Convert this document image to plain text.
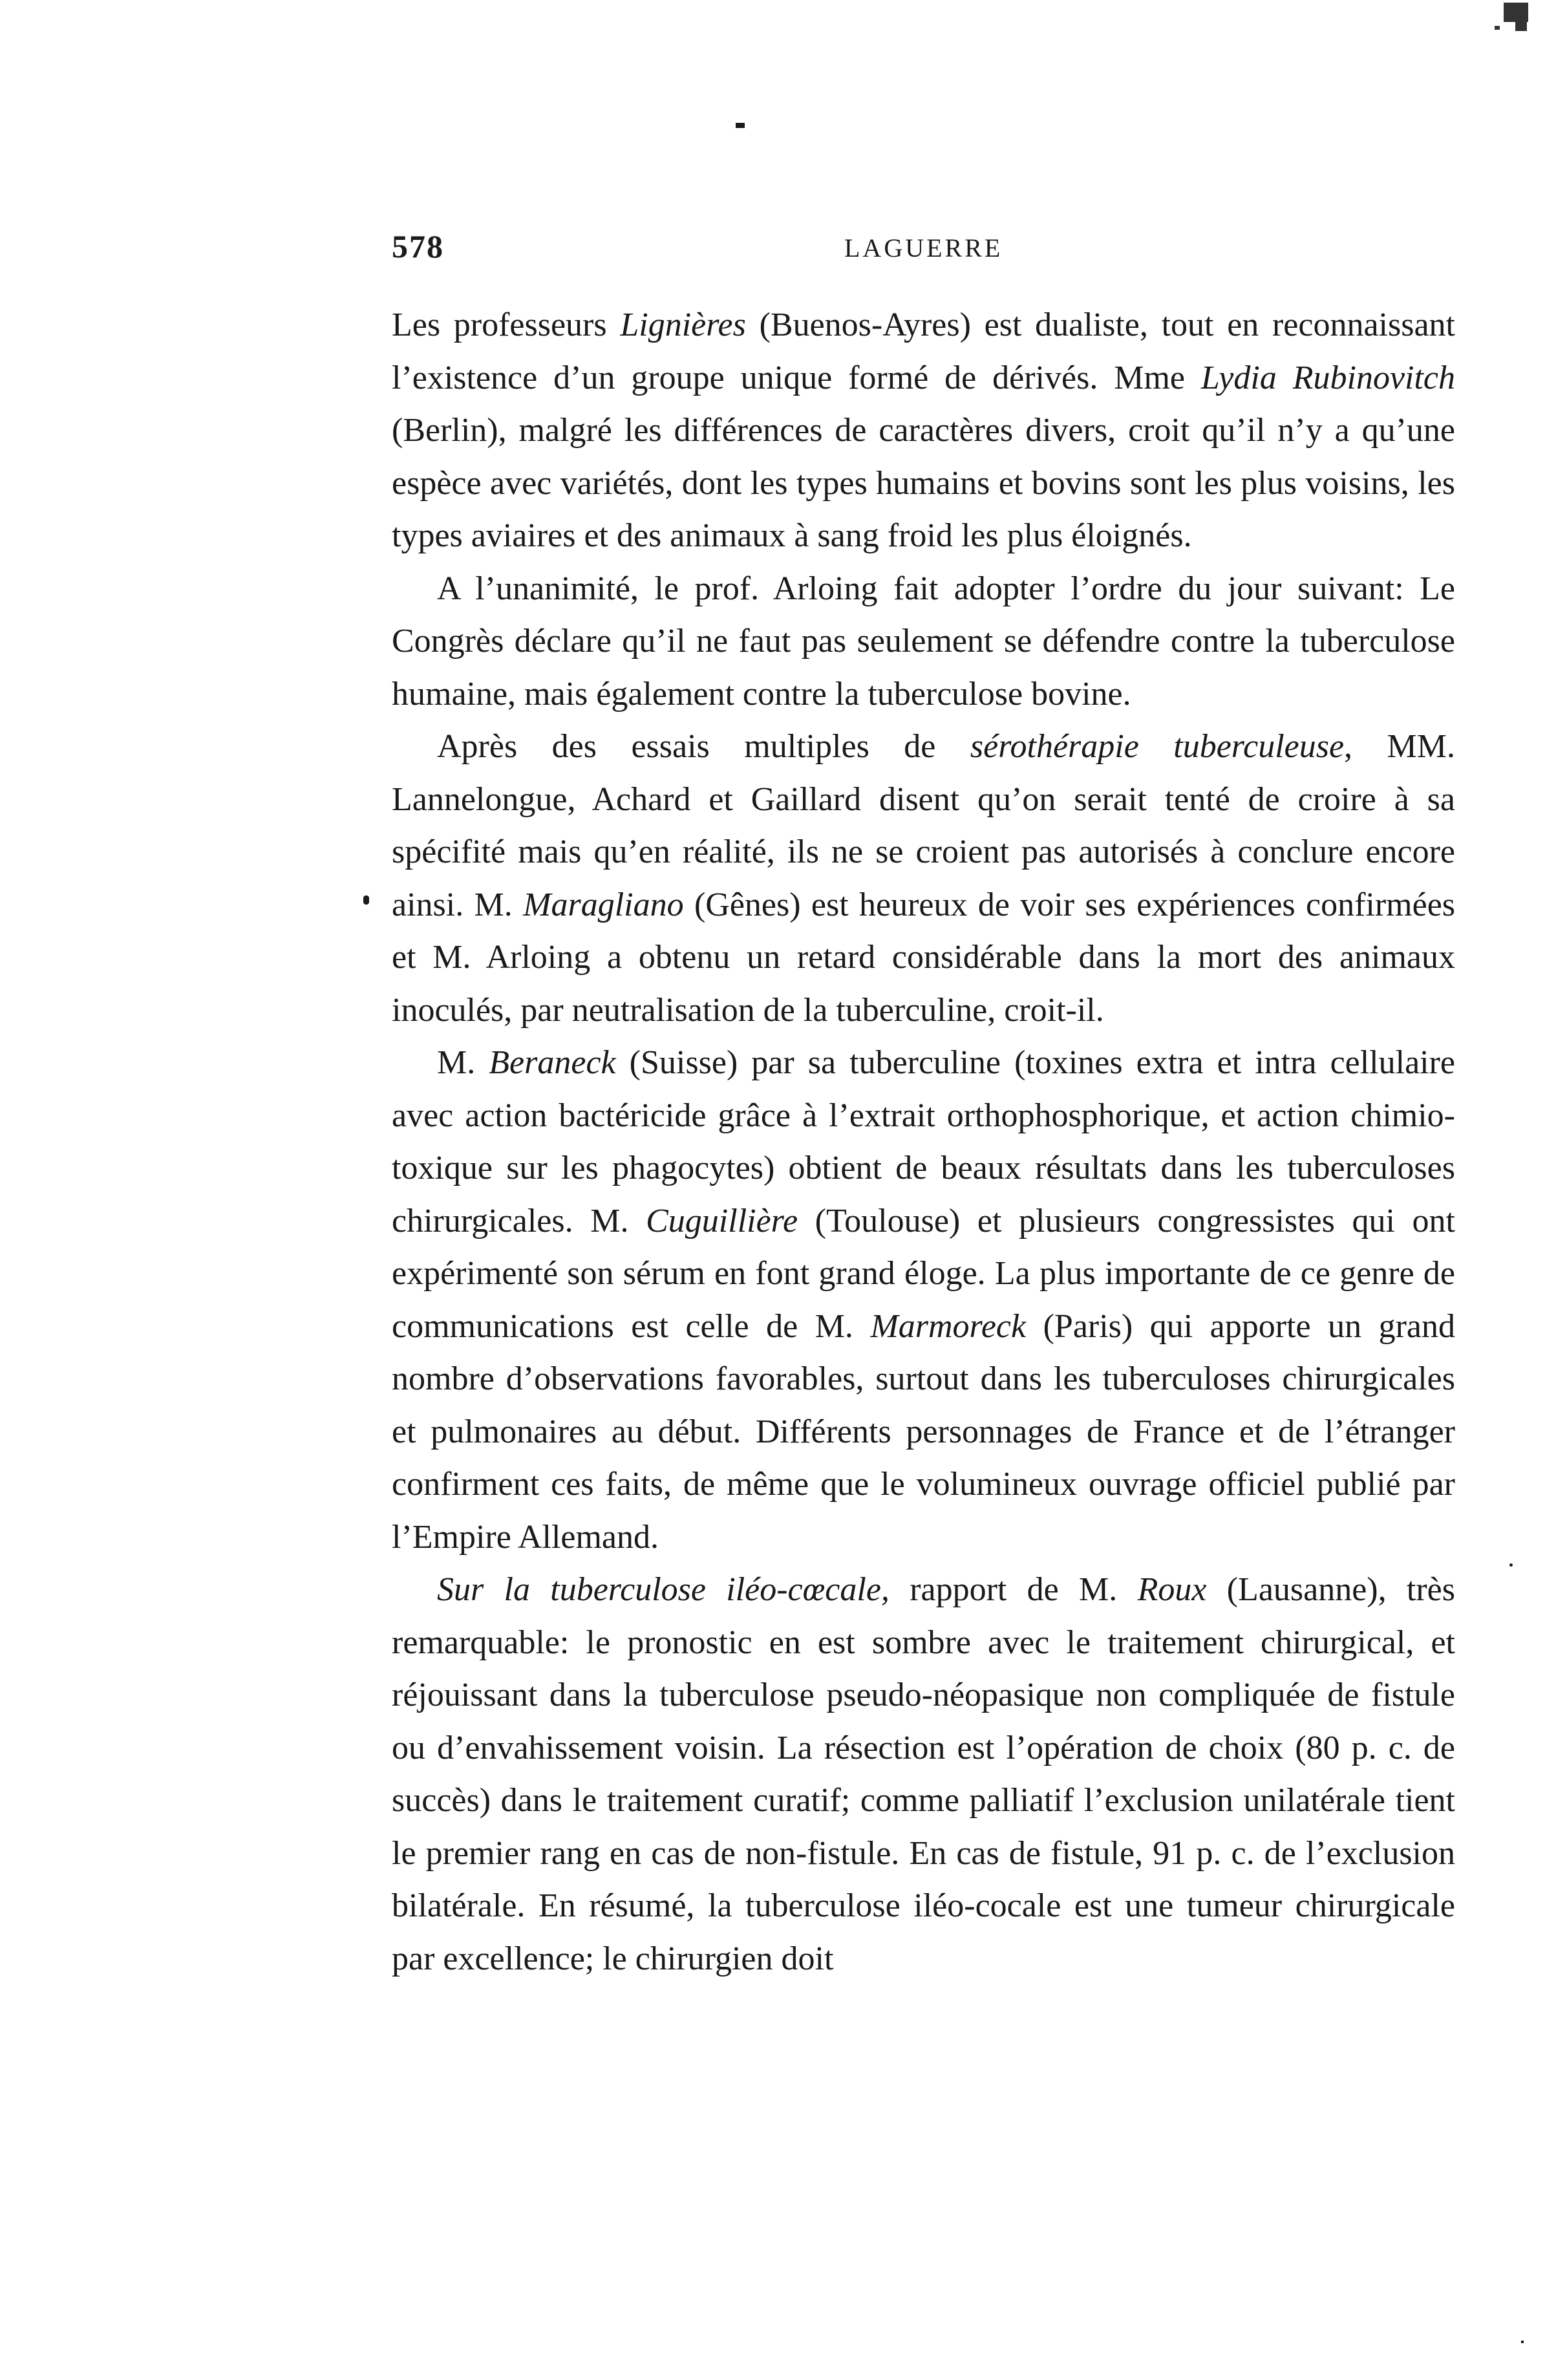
578	LAGUERRE

Les professeurs Lignières (Buenos-Ayres) est dualiste, tout en reconnaissant l’existence d’un groupe unique formé de dérivés. Mme Lydia Rubinovitch (Berlin), malgré les différences de caractères divers, croit qu’il n’y a qu’une espèce avec variétés, dont les types humains et bovins sont les plus voisins, les types aviaires et des animaux à sang froid les plus éloignés.

A l’unanimité, le prof. Arloing fait adopter l’ordre du jour suivant: Le Congrès déclare qu’il ne faut pas seulement se défendre contre la tuberculose humaine, mais également contre la tuberculose bovine.

Après des essais multiples de sérothérapie tuberculeuse, MM. Lannelongue, Achard et Gaillard disent qu’on serait tenté de croire à sa spécifité mais qu’en réalité, ils ne se croient pas autorisés à conclure encore ainsi. M. Maragliano (Gênes) est heureux de voir ses expériences confirmées et M. Arloing a obtenu un retard considérable dans la mort des animaux inoculés, par neutralisation de la tuberculine, croit-il.

M. Beraneck (Suisse) par sa tuberculine (toxines extra et intra cellulaire avec action bactéricide grâce à l’extrait orthophosphorique, et action chimio-toxique sur les phagocytes) obtient de beaux résultats dans les tuberculoses chirurgicales. M. Cuguillière (Toulouse) et plusieurs congressistes qui ont expérimenté son sérum en font grand éloge. La plus importante de ce genre de communications est celle de M. Marmoreck (Paris) qui apporte un grand nombre d’observations favorables, surtout dans les tuberculoses chirurgicales et pulmonaires au début. Différents personnages de France et de l’étranger confirment ces faits, de même que le volumineux ouvrage officiel publié par l’Empire Allemand.

Sur la tuberculose iléo-cœcale, rapport de M. Roux (Lausanne), très remarquable: le pronostic en est sombre avec le traitement chirurgical, et réjouissant dans la tuberculose pseudo-néopasique non compliquée de fistule ou d’envahissement voisin. La résection est l’opération de choix (80 p. c. de succès) dans le traitement curatif; comme palliatif l’exclusion unilatérale tient le premier rang en cas de non-fistule. En cas de fistule, 91 p. c. de l’exclusion bilatérale. En résumé, la tuberculose iléo-cocale est une tumeur chirurgicale par excellence; le chirurgien doit
